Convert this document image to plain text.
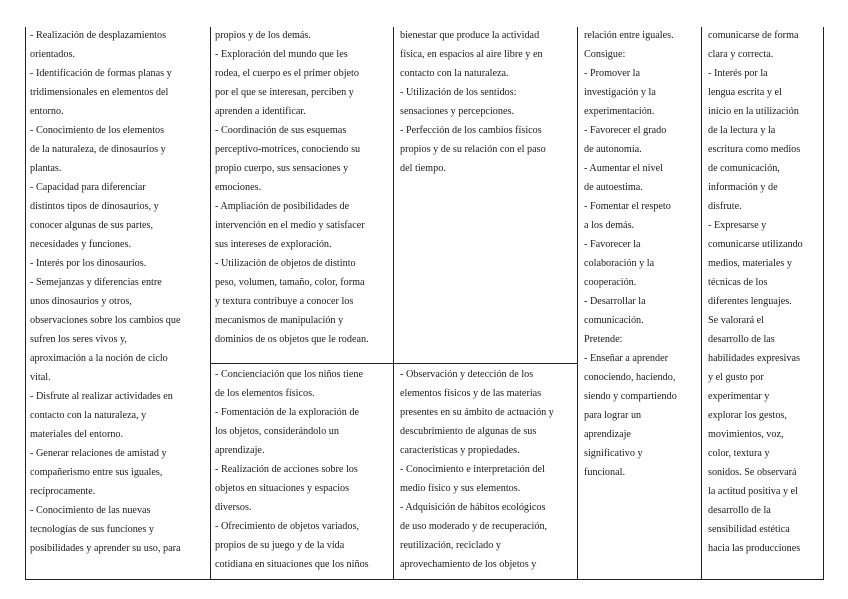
- Realización de desplazamientos
orientados.
- Identificación de formas planas y
tridimensionales en elementos del
entorno.
- Conocimiento de los elementos
de la naturaleza, de dinosaurios y
plantas.
- Capacidad para diferenciar
distintos tipos de dinosaurios, y
conocer algunas de sus partes,
necesidades y funciones.
- Interés por los dinosaurios.
- Semejanzas y diferencias entre
unos dinosaurios y otros,
observaciones sobre los cambios que
sufren los seres vivos y,
aproximación a la noción de ciclo
vital.
- Disfrute al realizar actividades en
contacto con la naturaleza, y
materiales del entorno.
- Generar relaciones de amistad y
compañerismo entre sus iguales,
recíprocamente.
- Conocimiento de las nuevas
tecnologías de sus funciones y
posibilidades y aprender su uso, para
propios y de los demás.
- Exploración del mundo que les
rodea, el cuerpo es el primer objeto
por el que se interesan, perciben y
aprenden a identificar.
- Coordinación de sus esquemas
perceptivo-motrices, conociendo su
propio cuerpo, sus sensaciones y
emociones.
- Ampliación de posibilidades de
intervención en el medio y satisfacer
sus intereses de exploración.
- Utilización de objetos de distinto
peso, volumen, tamaño, color, forma
y textura contribuye a conocer los
mecanismos de manipulación y
dominios de os objetos que le rodean.
- Concienciación que los niños tiene
de los elementos físicos.
- Fomentación de la exploración de
los objetos, considerándolo un
aprendizaje.
- Realización de acciones sobre los
objetos en situaciones y espacios
diversos.
- Ofrecimiento de objetos variados,
propios de su juego y de la vida
cotidiana en situaciones que los niños
bienestar que produce la actividad
física, en espacios al aire libre y en
contacto con la naturaleza.
- Utilización de los sentidos:
sensaciones y percepciones.
- Perfección de los cambios físicos
propios y de su relación con el paso
del tiempo.
- Observación y detección de los
elementos físicos y de las materias
presentes en su ámbito de actuación y
descubrimiento de algunas de sus
características y propiedades.
- Conocimiento e interpretación del
medio físico y sus elementos.
- Adquisición de hábitos ecológicos
de uso moderado y de recuperación,
reutilización, reciclado y
aprovechamiento de los objetos y
relación entre iguales.
Consigue:
- Promover la
investigación y la
experimentación.
- Favorecer el grado
de autonomía.
- Aumentar el nivel
de autoestima.
- Fomentar el respeto
a los demás.
- Favorecer la
colaboración y la
cooperación.
- Desarrollar la
comunicación.
Pretende:
- Enseñar a aprender
conociendo, haciendo,
siendo y compartiendo
para lograr un
aprendizaje
significativo y
funcional.
comunicarse de forma
clara y correcta.
- Interés por la
lengua escrita y el
inicio en la utilización
de la lectura y la
escritura como medios
de comunicación,
información y de
disfrute.
- Expresarse y
comunicarse utilizando
medios, materiales y
técnicas de los
diferentes lenguajes.
Se valorará el
desarrollo de las
habilidades expresivas
y el gusto por
experimentar y
explorar los gestos,
movimientos, voz,
color, textura y
sonidos. Se observará
la actitud positiva y el
desarrollo de la
sensibilidad estética
hacia las producciones
